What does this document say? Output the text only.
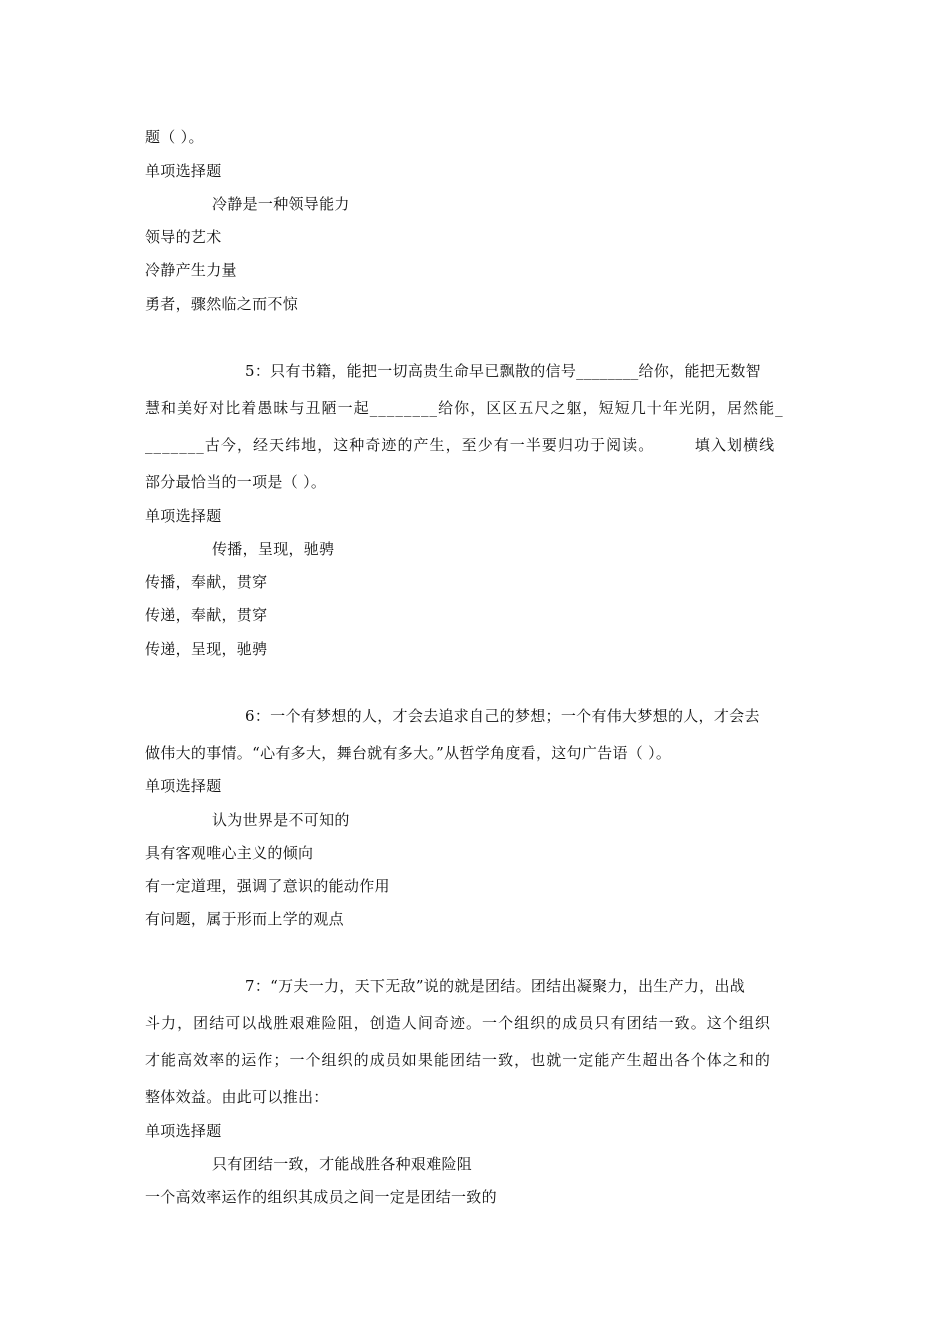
题（ ）。
单项选择题
冷静是一种领导能力
领导的艺术
冷静产生力量
勇者，骤然临之而不惊
5：只有书籍，能把一切高贵生命早已飘散的信号________给你，能把无数智
慧和美好对比着愚昧与丑陋一起________给你，区区五尺之躯，短短几十年光阴，居然能_
_______古今，经天纬地，这种奇迹的产生，至少有一半要归功于阅读。　　　填入划横线
部分最恰当的一项是（ ）。
单项选择题
传播，呈现，驰骋
传播，奉献，贯穿
传递，奉献，贯穿
传递，呈现，驰骋
6：一个有梦想的人，才会去追求自己的梦想；一个有伟大梦想的人，才会去
做伟大的事情。“心有多大，舞台就有多大。”从哲学角度看，这句广告语（ ）。
单项选择题
认为世界是不可知的
具有客观唯心主义的倾向
有一定道理，强调了意识的能动作用
有问题，属于形而上学的观点
7：“万夫一力，天下无敌”说的就是团结。团结出凝聚力，出生产力，出战
斗力，团结可以战胜艰难险阻，创造人间奇迹。一个组织的成员只有团结一致。这个组织
才能高效率的运作；一个组织的成员如果能团结一致，也就一定能产生超出各个体之和的
整体效益。由此可以推出：
单项选择题
只有团结一致，才能战胜各种艰难险阻
一个高效率运作的组织其成员之间一定是团结一致的
